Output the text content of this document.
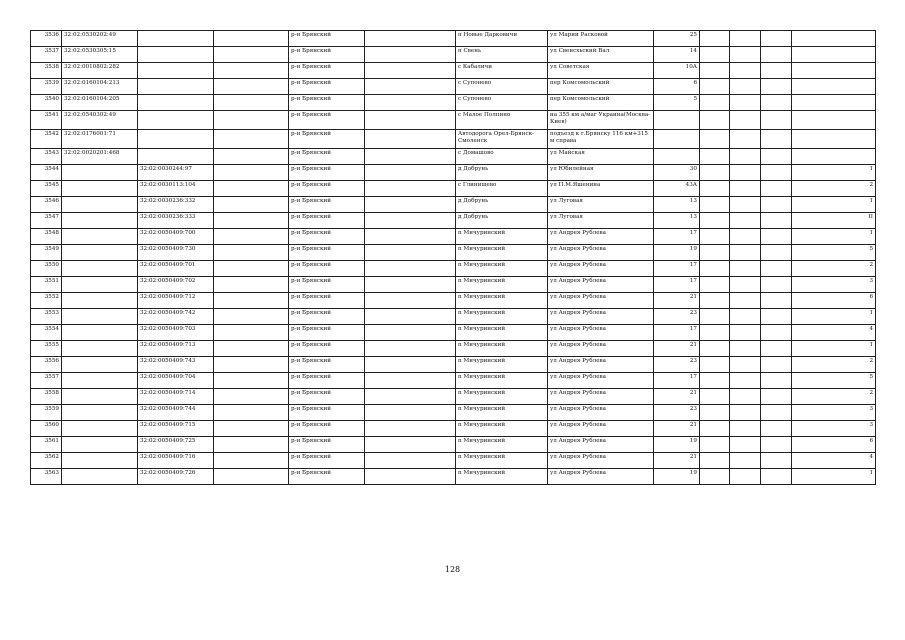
3536	32:02:0530202:49			р-н Брянский		п Новые Дарковичи	ул Марии Расковой	25				
3537	32:02:0530305:15			р-н Брянский		п Свень	ул Свенсхьский Вал	14				
3538	32:02:0010802:282			р-н Брянский		с Кабаличи	ул Советская	10А				
3539	32:02:0160104:213			р-н Брянский		с Супонево	пер Комсомольский	6				
3540	32:02:0160104:205			р-н Брянский		с Супонево	пер Комсомольский	5				
3541	32:02:0540302:49			р-н Брянский		с Малое Полпино	на 355 км а/маг Украина(Москва-Киев)					
3542	32:02:0176001:71			р-н Брянский		Автодорога Орел-Брянск-Смоленск	подъезд к г.Брянску 116 км+315 м справа					
3543	32:02:0020201:468			р-н Брянский		с Домашово	ул Майская					
3544		32:02:0030244:97		р-н Брянский		д Добрунь	ул Юбилейная	30				1
3545		32:02:0030113:104		р-н Брянский		с Глинищево	ул П.М.Яшенина	43А				2
3546		32:02:0030236:332		р-н Брянский		д Добрунь	ул Луговая	13				1
3547		32:02:0030236:333		р-н Брянский		д Добрунь	ул Луговая	13				II
3548		32:02:0050409:700		р-н Брянский		п Мичуринский	ул Андрея Рублева	17				1
3549		32:02:0050409:730		р-н Брянский		п Мичуринский	ул Андрея Рублева	19				5
3550		32:02:0050409:701		р-н Брянский		п Мичуринский	ул Андрея Рублева	17				2
3551		32:02:0050409:702		р-н Брянский		п Мичуринский	ул Андрея Рублева	17				3
3552		32:02:0050409:712		р-н Брянский		п Мичуринский	ул Андрея Рублева	21				6
3553		32:02:0050409:742		р-н Брянский		п Мичуринский	ул Андрея Рублева	23				1
3554		32:02:0050409:703		р-н Брянский		п Мичуринский	ул Андрея Рублева	17				4
3555		32:02:0050409:713		р-н Брянский		п Мичуринский	ул Андрея Рублева	21				1
3556		32:02:0050409:743		р-н Брянский		п Мичуринский	ул Андрея Рублева	23				2
3557		32:02:0050409:704		р-н Брянский		п Мичуринский	ул Андрея Рублева	17				5
3558		32:02:0050409:714		р-н Брянский		п Мичуринский	ул Андрея Рублева	21				2
3559		32:02:0050409:744		р-н Брянский		п Мичуринский	ул Андрея Рублева	23				3
3560		32:02:0050409:715		р-н Брянский		п Мичуринский	ул Андрея Рублева	21				3
3561		32:02:0050409:725		р-н Брянский		п Мичуринский	ул Андрея Рублева	19				6
3562		32:02:0050409:716		р-н Брянский		п Мичуринский	ул Андрея Рублева	21				4
3563		32:02:0050409:726		р-н Брянский		п Мичуринский	ул Андрея Рублева	19				1
128
